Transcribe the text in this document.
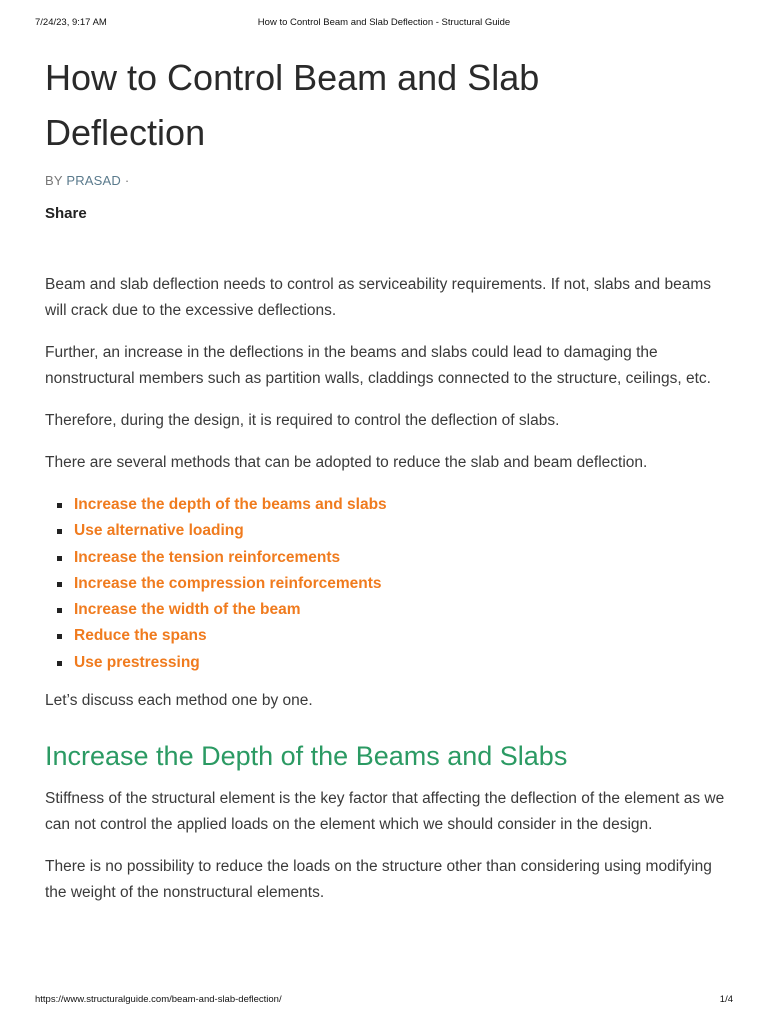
7/24/23, 9:17 AM	How to Control Beam and Slab Deflection - Structural Guide
How to Control Beam and Slab Deflection
BY PRASAD ·
Share

Beam and slab deflection needs to control as serviceability requirements. If not, slabs and beams will crack due to the excessive deflections.

Further, an increase in the deflections in the beams and slabs could lead to damaging the nonstructural members such as partition walls, claddings connected to the structure, ceilings, etc.

Therefore, during the design, it is required to control the deflection of slabs.

There are several methods that can be adopted to reduce the slab and beam deflection.

Increase the depth of the beams and slabs
Use alternative loading
Increase the tension reinforcements
Increase the compression reinforcements
Increase the width of the beam
Reduce the spans
Use prestressing

Let’s discuss each method one by one.

Increase the Depth of the Beams and Slabs

Stiffness of the structural element is the key factor that affecting the deflection of the element as we can not control the applied loads on the element which we should consider in the design.

There is no possibility to reduce the loads on the structure other than considering using modifying the weight of the nonstructural elements.

https://www.structuralguide.com/beam-and-slab-deflection/	1/4
